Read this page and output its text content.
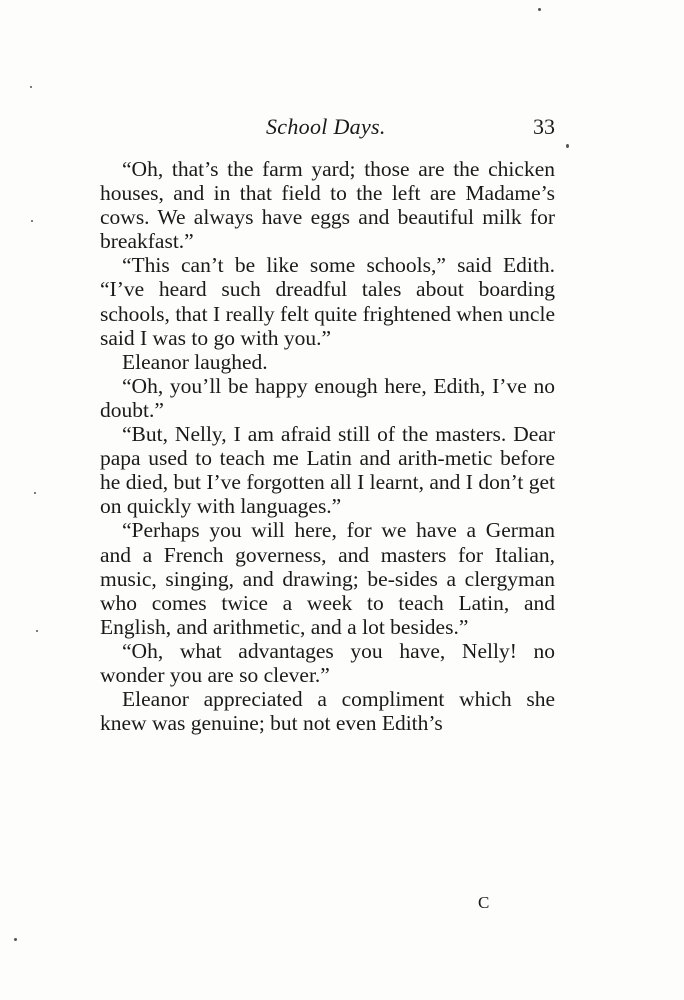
School Days.	33

“Oh, that’s the farm yard; those are the chicken houses, and in that field to the left are Madame’s cows. We always have eggs and beautiful milk for breakfast.”

“This can’t be like some schools,” said Edith. “I’ve heard such dreadful tales about boarding schools, that I really felt quite frightened when uncle said I was to go with you.”

Eleanor laughed.

“Oh, you’ll be happy enough here, Edith, I’ve no doubt.”

“But, Nelly, I am afraid still of the masters. Dear papa used to teach me Latin and arith-metic before he died, but I’ve forgotten all I learnt, and I don’t get on quickly with languages.”

“Perhaps you will here, for we have a German and a French governess, and masters for Italian, music, singing, and drawing; be-sides a clergyman who comes twice a week to teach Latin, and English, and arithmetic, and a lot besides.”

“Oh, what advantages you have, Nelly! no wonder you are so clever.”

Eleanor appreciated a compliment which she knew was genuine; but not even Edith’s

C
